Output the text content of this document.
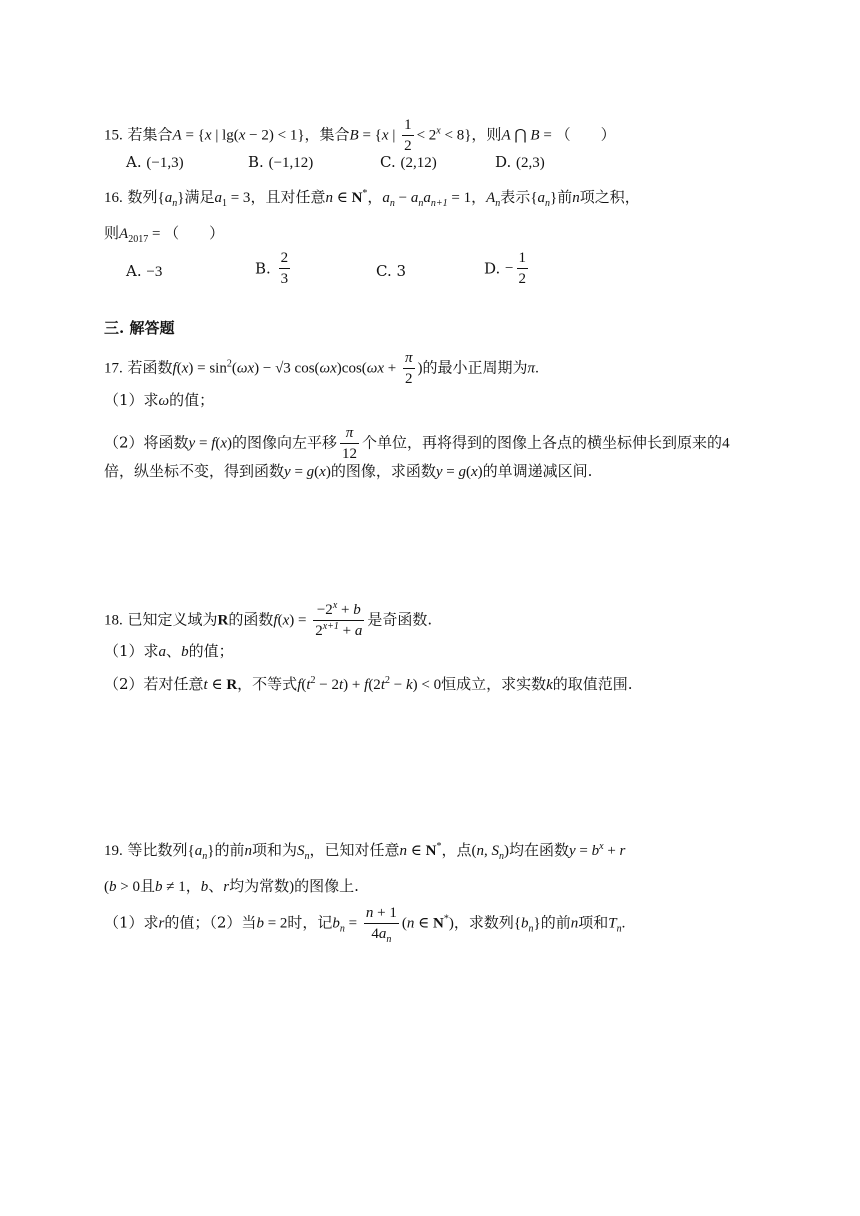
15. 若集合A = {x | lg(x − 2) < 1}，集合B = {x | $\frac{1}{2} < 2^x < 8$}，则A ⋂ B = （　　）
A. (−1,3)	B. (−1,12)	C. (2,12)	D. (2,3)
16. 数列$\{a_n\}$满足$a_1 = 3$，且对任意n ∈ N*，$a_n - a_na_{n+1} = 1$，$A_n$表示$\{a_n\}$前n项之积，
则$A_{2017}$ = （　　）
A. −3	B. $\frac{2}{3}$	C. 3	D. − $\frac{1}{2}$
三. 解答题
17. 若函数$f(x) = \sin^2(\omega x) - √3$ $\cos(\omega x)\cos(\omega x + \frac{\pi}{2}$ )的最小正周期为π.
（1）求ω的值；
（2）将函数y = f(x)的图像向左平移 $\frac{\pi}{12}$ 个单位，再将得到的图像上各点的横坐标伸长到原来的4
倍，纵坐标不变，得到函数y = g(x)的图像，求函数y = g(x)的单调递减区间.
18. 已知定义域为R的函数$f(x) = \frac{-2^x + b}{2^{x+1} + a}$ 是奇函数.
（1）求a、b的值；
（2）若对任意t ∈ R，不等式$f(t^2 - 2t) + f(2t^2 - k) < 0$恒成立，求实数k的取值范围.
19. 等比数列$\{a_n\}$的前n项和为$S_n$，已知对任意n ∈ N*，点(n, $S_n$)均在函数$y = b^x + r$
(b > 0且b ≠ 1，b、r均为常数)的图像上.
（1）求r的值；（2）当b = 2时，记$b_n = \frac{n + 1}{4a_n} (n$ ∈ N*)，求数列$\{b_n\}$的前n项和$T_n$.
